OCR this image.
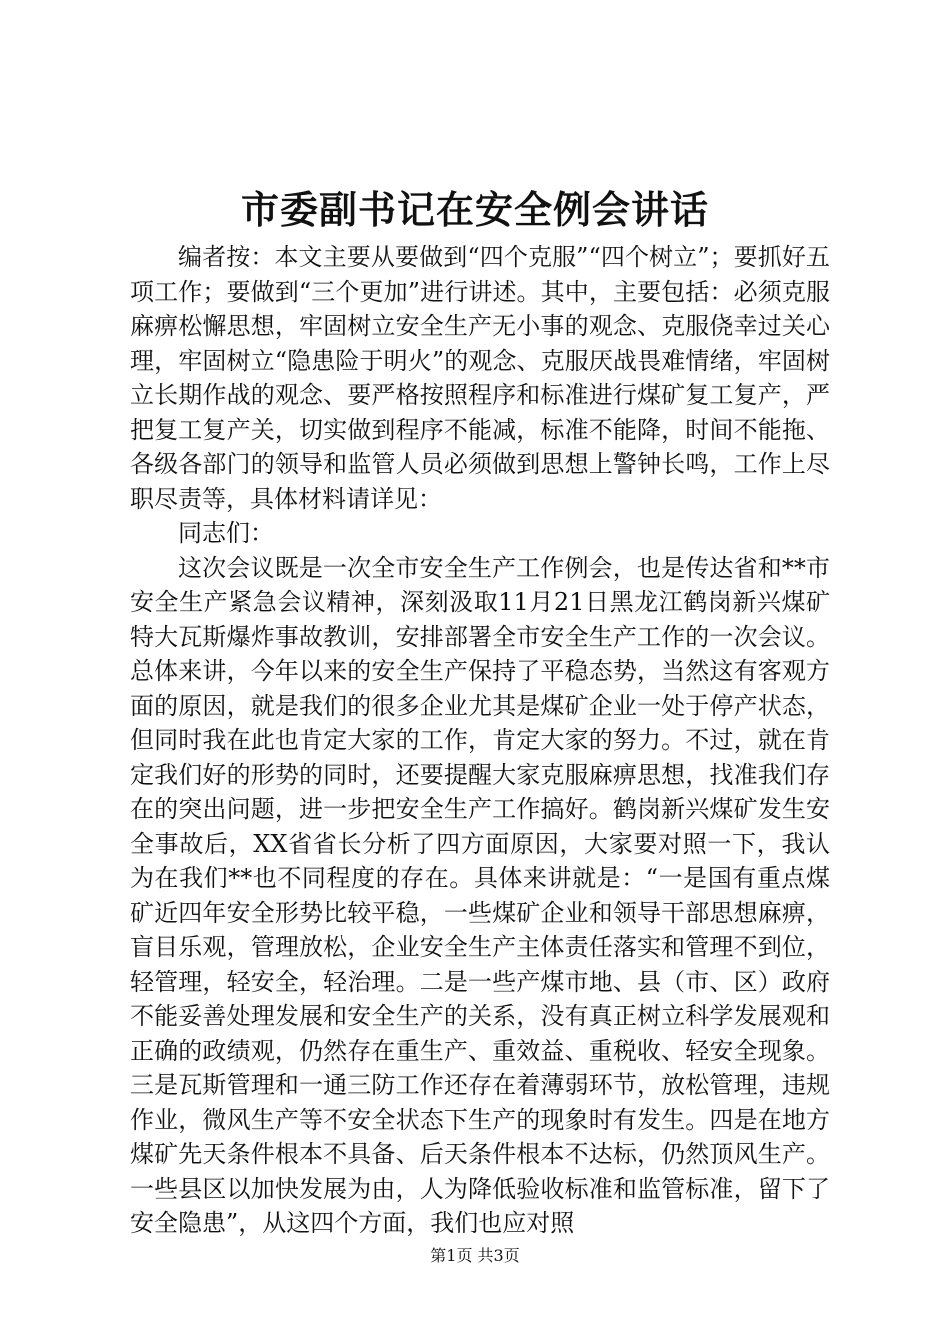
市委副书记在安全例会讲话

编者按：本文主要从要做到“四个克服”“四个树立”；要抓好五项工作；要做到“三个更加”进行讲述。其中，主要包括：必须克服麻痹松懈思想，牢固树立安全生产无小事的观念、克服侥幸过关心理，牢固树立“隐患险于明火”的观念、克服厌战畏难情绪，牢固树立长期作战的观念、要严格按照程序和标准进行煤矿复工复产，严把复工复产关，切实做到程序不能减，标准不能降，时间不能拖、各级各部门的领导和监管人员必须做到思想上警钟长鸣，工作上尽职尽责等，具体材料请详见：

同志们：

这次会议既是一次全市安全生产工作例会，也是传达省和**市安全生产紧急会议精神，深刻汲取11月21日黑龙江鹤岗新兴煤矿特大瓦斯爆炸事故教训，安排部署全市安全生产工作的一次会议。总体来讲，今年以来的安全生产保持了平稳态势，当然这有客观方面的原因，就是我们的很多企业尤其是煤矿企业一处于停产状态，但同时我在此也肯定大家的工作，肯定大家的努力。不过，就在肯定我们好的形势的同时，还要提醒大家克服麻痹思想，找准我们存在的突出问题，进一步把安全生产工作搞好。鹤岗新兴煤矿发生安全事故后，XX省省长分析了四方面原因，大家要对照一下，我认为在我们**也不同程度的存在。具体来讲就是：“一是国有重点煤矿近四年安全形势比较平稳，一些煤矿企业和领导干部思想麻痹，盲目乐观，管理放松，企业安全生产主体责任落实和管理不到位，轻管理，轻安全，轻治理。二是一些产煤市地、县（市、区）政府不能妥善处理发展和安全生产的关系，没有真正树立科学发展观和正确的政绩观，仍然存在重生产、重效益、重税收、轻安全现象。三是瓦斯管理和一通三防工作还存在着薄弱环节，放松管理，违规作业，微风生产等不安全状态下生产的现象时有发生。四是在地方煤矿先天条件根本不具备、后天条件根本不达标，仍然顶风生产。一些县区以加快发展为由，人为降低验收标准和监管标准，留下了安全隐患”，从这四个方面，我们也应对照

第1页 共3页
